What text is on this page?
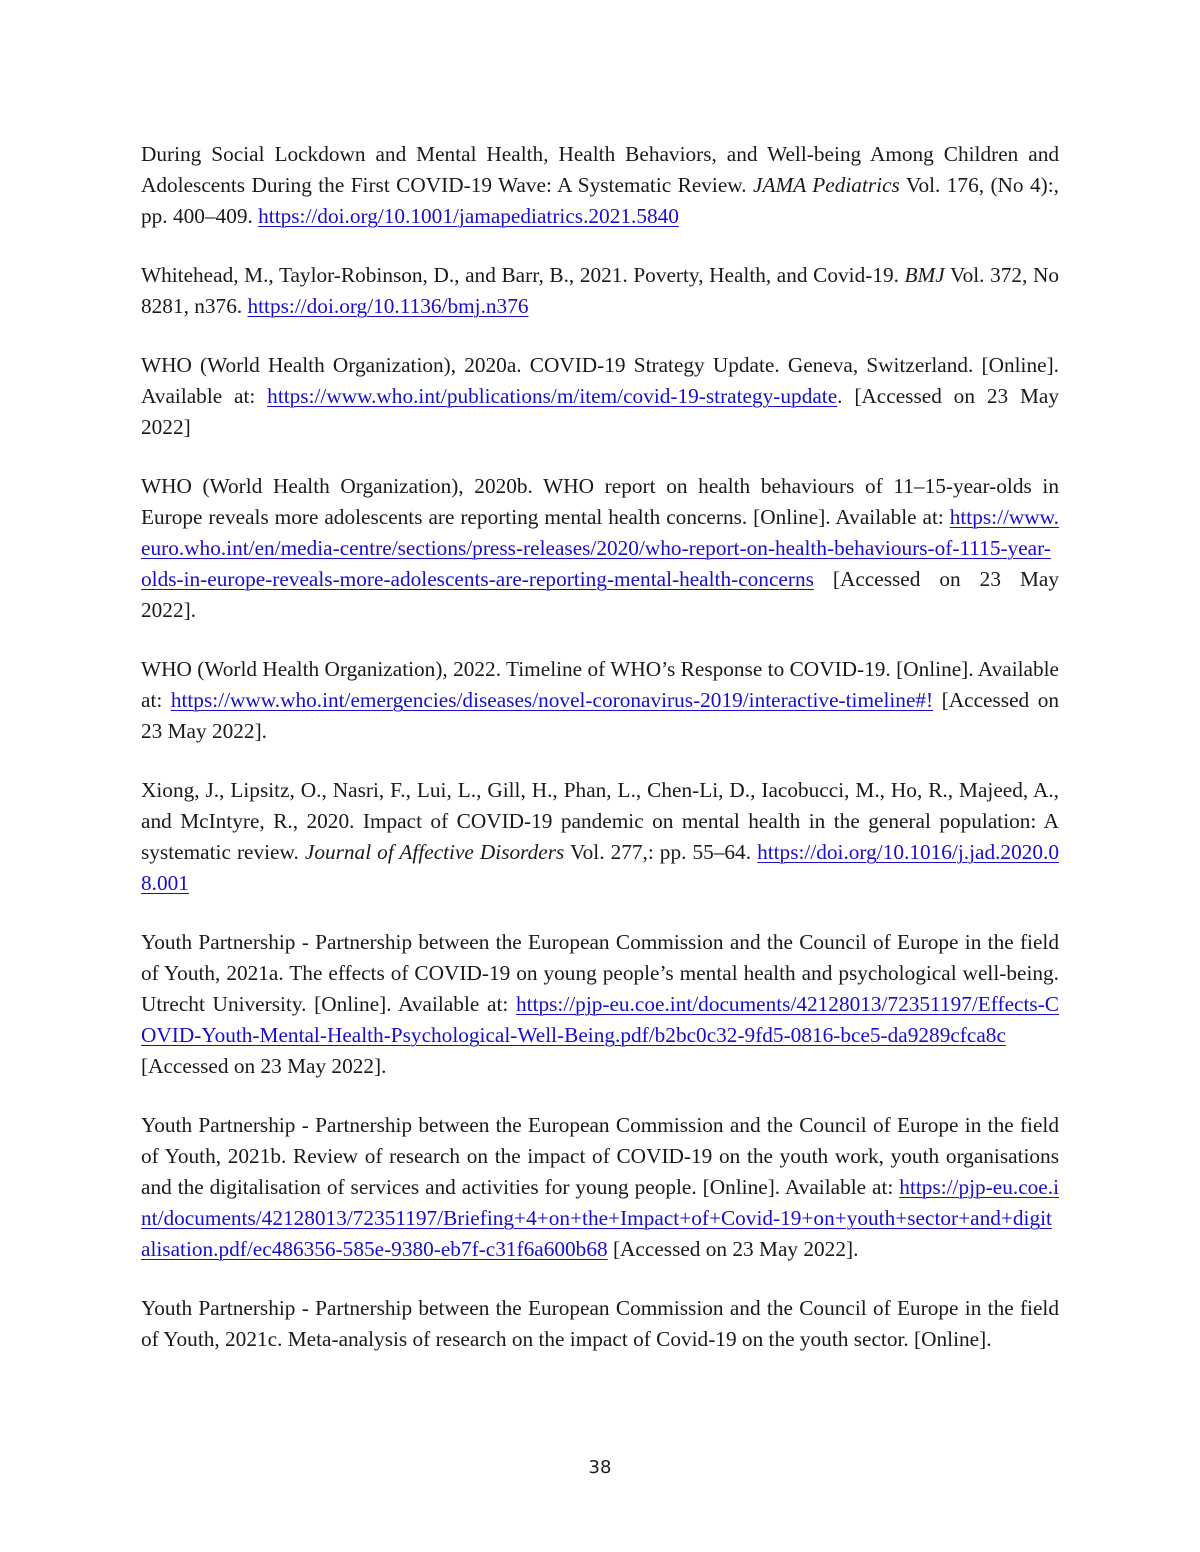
During Social Lockdown and Mental Health, Health Behaviors, and Well-being Among Children and Adolescents During the First COVID-19 Wave: A Systematic Review. JAMA Pediatrics Vol. 176, (No 4):, pp. 400–409. https://doi.org/10.1001/jamapediatrics.2021.5840

Whitehead, M., Taylor-Robinson, D., and Barr, B., 2021. Poverty, Health, and Covid-19. BMJ Vol. 372, No 8281, n376. https://doi.org/10.1136/bmj.n376

WHO (World Health Organization), 2020a. COVID-19 Strategy Update. Geneva, Switzerland. [Online]. Available at: https://www.who.int/publications/m/item/covid-19-strategy-update. [Accessed on 23 May 2022]

WHO (World Health Organization), 2020b. WHO report on health behaviours of 11–15-year-olds in Europe reveals more adolescents are reporting mental health concerns. [Online]. Available at: https://www.euro.who.int/en/media-centre/sections/press-releases/2020/who-report-on-health-behaviours-of-1115-year-olds-in-europe-reveals-more-adolescents-are-reporting-mental-health-concerns [Accessed on 23 May 2022].

WHO (World Health Organization), 2022. Timeline of WHO’s Response to COVID-19. [Online]. Available at: https://www.who.int/emergencies/diseases/novel-coronavirus-2019/interactive-timeline#! [Accessed on 23 May 2022].

Xiong, J., Lipsitz, O., Nasri, F., Lui, L., Gill, H., Phan, L., Chen-Li, D., Iacobucci, M., Ho, R., Majeed, A., and McIntyre, R., 2020. Impact of COVID-19 pandemic on mental health in the general population: A systematic review. Journal of Affective Disorders Vol. 277,: pp. 55–64. https://doi.org/10.1016/j.jad.2020.08.001

Youth Partnership - Partnership between the European Commission and the Council of Europe in the field of Youth, 2021a. The effects of COVID-19 on young people’s mental health and psychological well-being. Utrecht University. [Online]. Available at: https://pjp-eu.coe.int/documents/42128013/72351197/Effects-COVID-Youth-Mental-Health-Psychological-Well-Being.pdf/b2bc0c32-9fd5-0816-bce5-da9289cfca8c [Accessed on 23 May 2022].

Youth Partnership - Partnership between the European Commission and the Council of Europe in the field of Youth, 2021b. Review of research on the impact of COVID-19 on the youth work, youth organisations and the digitalisation of services and activities for young people. [Online]. Available at: https://pjp-eu.coe.int/documents/42128013/72351197/Briefing+4+on+the+Impact+of+Covid-19+on+youth+sector+and+digitalisation.pdf/ec486356-585e-9380-eb7f-c31f6a600b68 [Accessed on 23 May 2022].

Youth Partnership - Partnership between the European Commission and the Council of Europe in the field of Youth, 2021c. Meta-analysis of research on the impact of Covid-19 on the youth sector. [Online].

38
